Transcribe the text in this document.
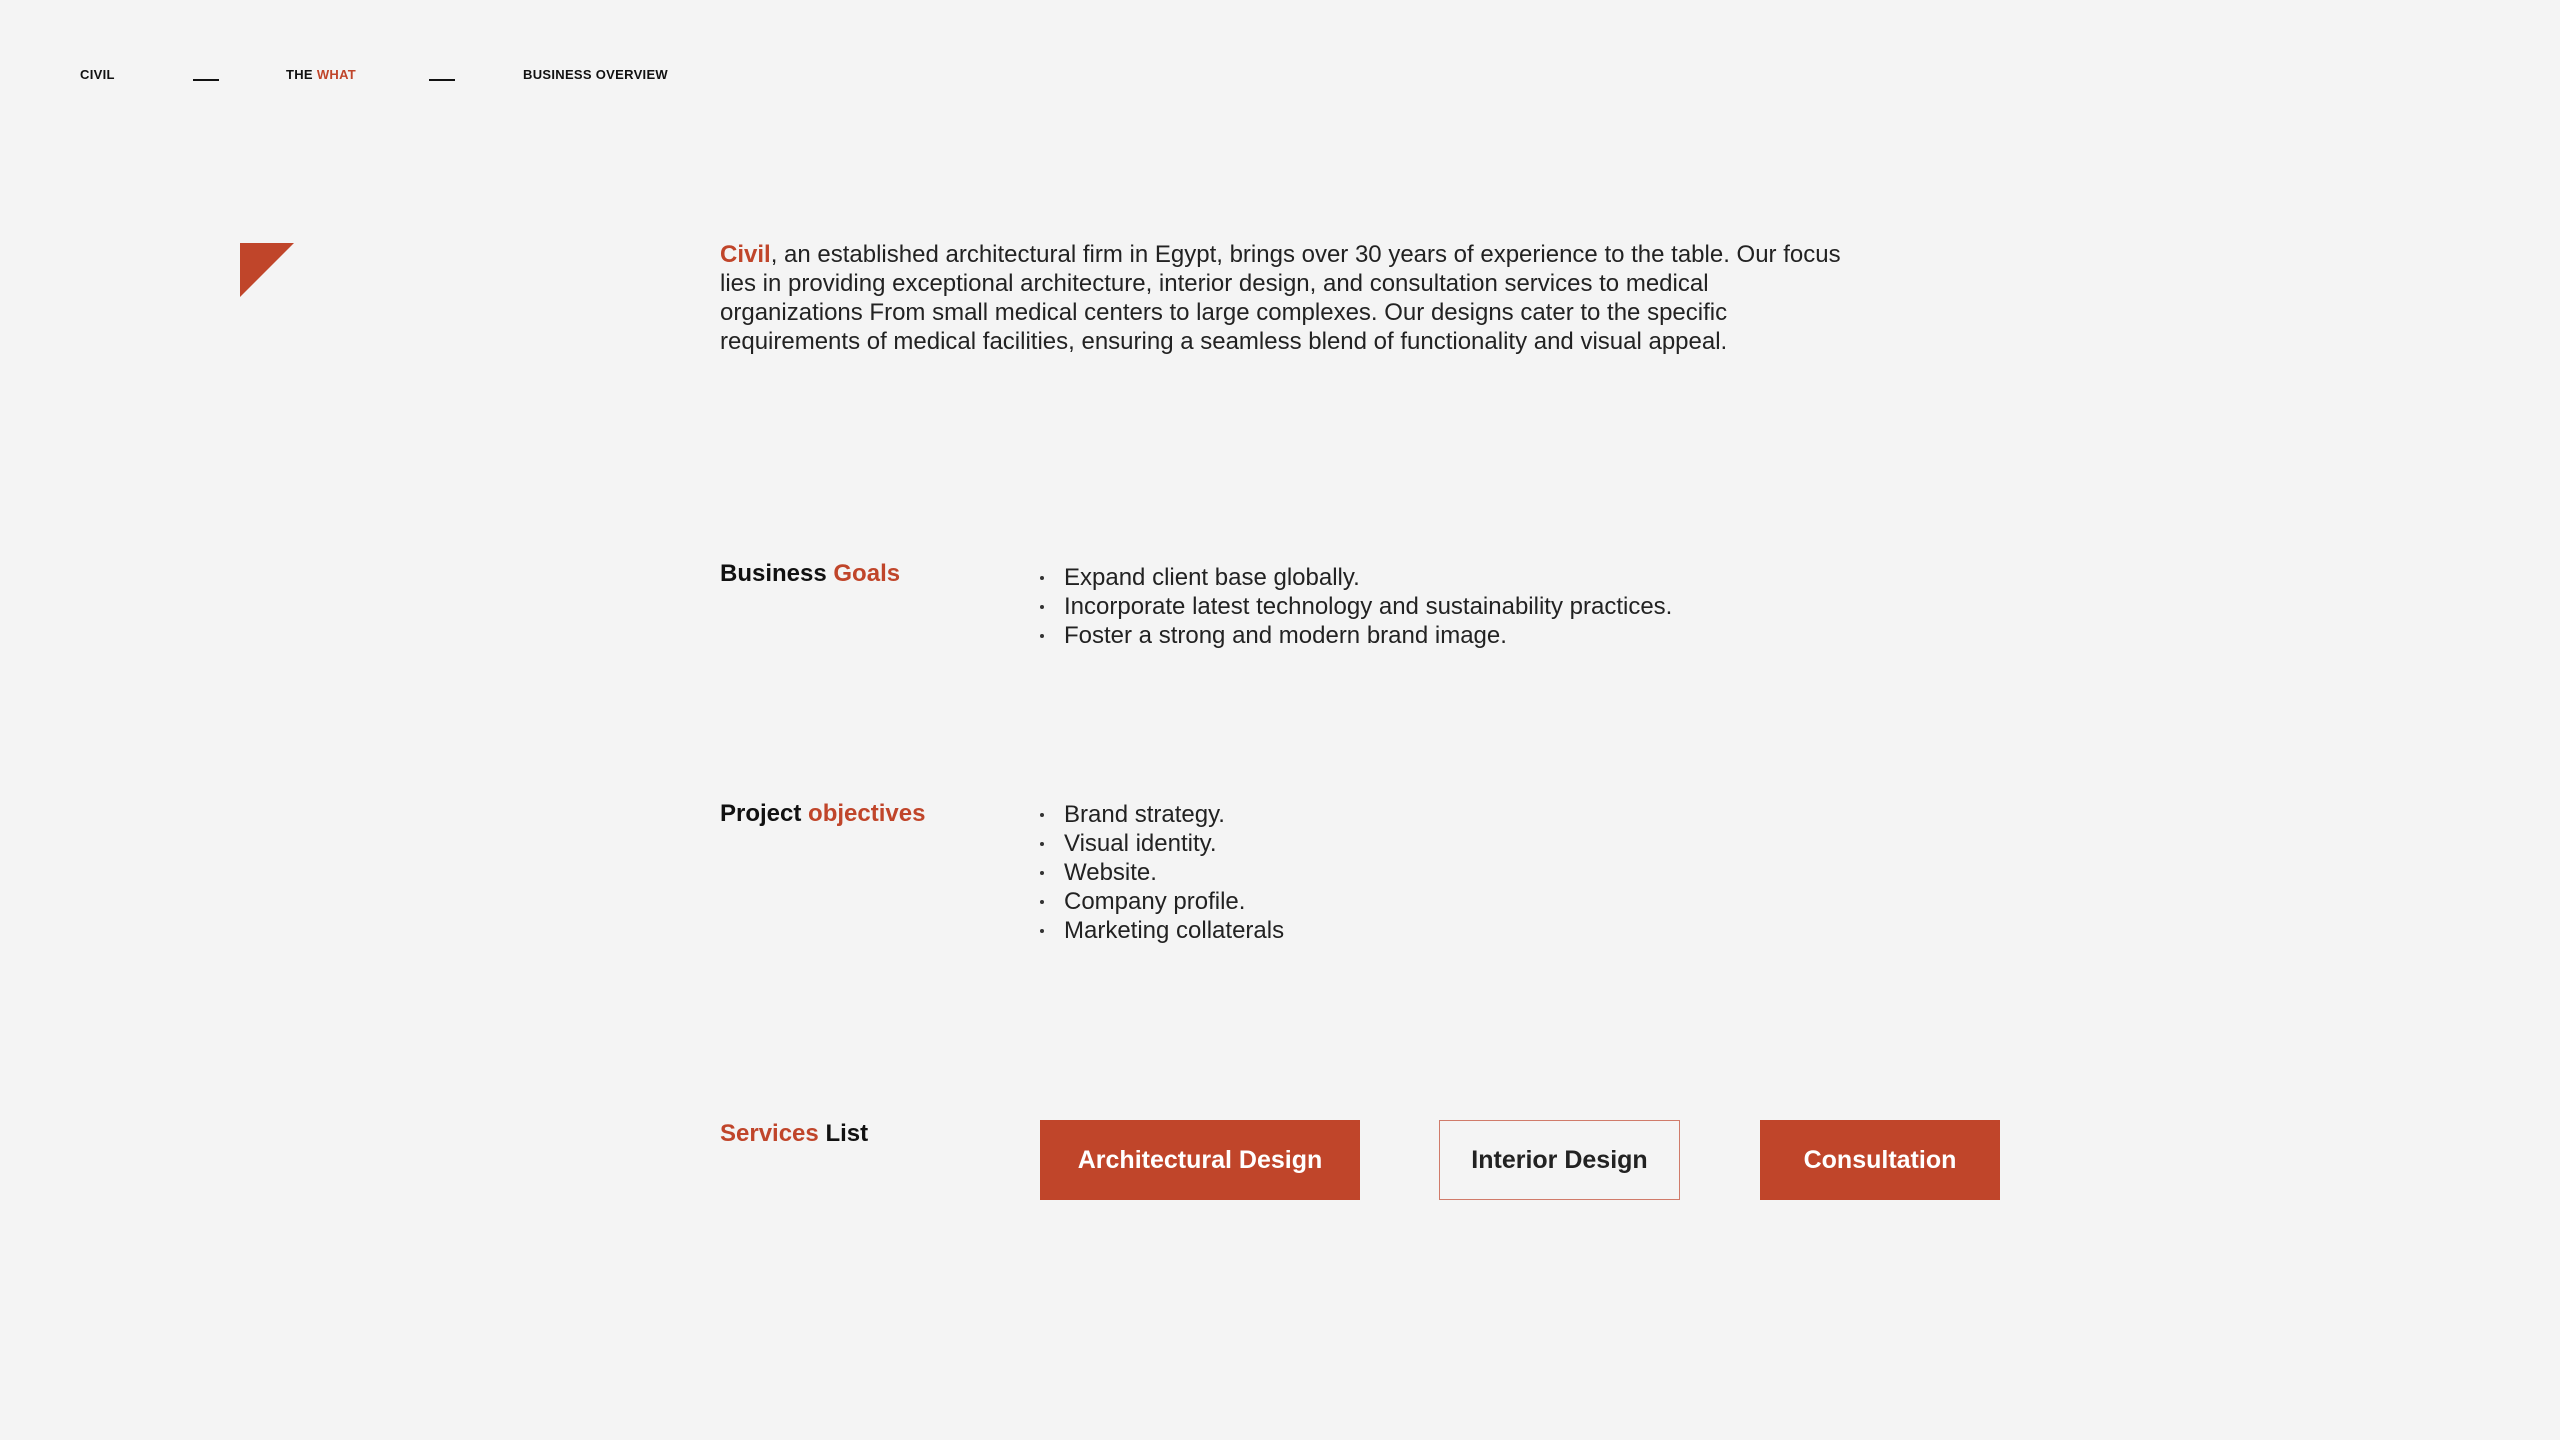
CIVIL	THE WHAT	BUSINESS OVERVIEW

Civil, an established architectural firm in Egypt, brings over 30 years of experience to the table. Our focus lies in providing exceptional architecture, interior design, and consultation services to medical organizations From small medical centers to large complexes. Our designs cater to the specific requirements of medical facilities, ensuring a seamless blend of functionality and visual appeal.

Business Goals	Expand client base globally.
Incorporate latest technology and sustainability practices.
Foster a strong and modern brand image.
Project objectives	Brand strategy.
Visual identity.
Website.
Company profile.
Marketing collaterals
Services List
Architectural Design	Interior Design	Consultation
